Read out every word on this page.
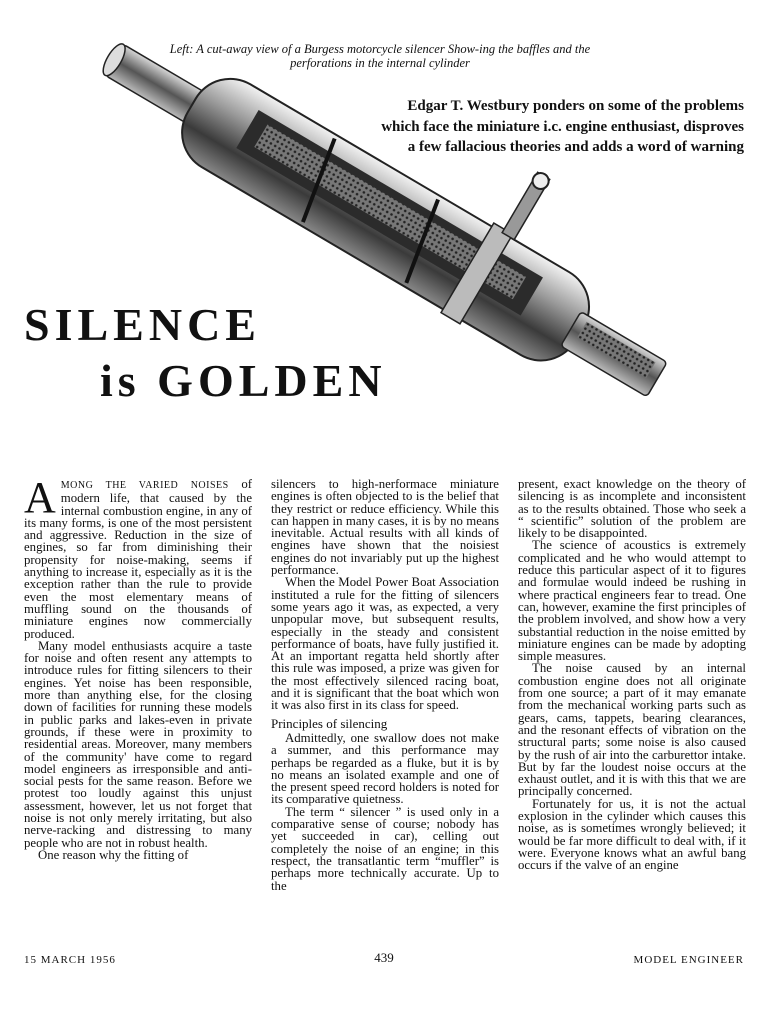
Left: A cut-away view of a Burgess motorcycle silencer Show-ing the baffles and the perforations in the internal cylinder
Edgar T. Westbury ponders on some of the problems
which face the miniature i.c. engine enthusiast, disproves
a few fallacious theories and adds a word of warning
SILENCE
is GOLDEN

AMONG THE VARIED NOISES of modern life, that caused by the internal combustion engine, in any of its many forms, is one of the most persistent and aggressive. Reduction in the size of engines, so far from diminishing their propensity for noise-making, seems if anything to increase it, especially as it is the exception rather than the rule to provide even the most elementary means of muffling sound on the thousands of miniature engines now commercially produced.

Many model enthusiasts acquire a taste for noise and often resent any attempts to introduce rules for fitting silencers to their engines. Yet noise has been responsible, more than anything else, for the closing down of facilities for running these models in public parks and lakes-even in private grounds, if these were in proximity to residential areas. Moreover, many members of the community' have come to regard model engineers as irresponsible and anti-social pests for the same reason. Before we protest too loudly against this unjust assessment, however, let us not forget that noise is not only merely irritating, but also nerve-racking and distressing to many people who are not in robust health.

One reason why the fitting of

silencers to high-nerformace miniature engines is often objected to is the belief that they restrict or reduce efficiency. While this can happen in many cases, it is by no means inevitable. Actual results with all kinds of engines have shown that the noisiest engines do not invariably put up the highest performance.

When the Model Power Boat Association instituted a rule for the fitting of silencers some years ago it was, as expected, a very unpopular move, but subsequent results, especially in the steady and consistent performance of boats, have fully justified it. At an important regatta held shortly after this rule was imposed, a prize was given for the most effectively silenced racing boat, and it is significant that the boat which won it was also first in its class for speed.

Principles of silencing

Admittedly, one swallow does not make a summer, and this performance may perhaps be regarded as a fluke, but it is by no means an isolated example and one of the present speed record holders is noted for its comparative quietness.

The term “ silencer ” is used only in a comparative sense of course; nobody has yet succeeded in car), celling out completely the noise of an engine; in this respect, the transatlantic term “muffler” is perhaps more technically accurate. Up to the

present, exact knowledge on the theory of silencing is as incomplete and inconsistent as to the results obtained. Those who seek a “ scientific” solution of the problem are likely to be disappointed.

The science of acoustics is extremely complicated and he who would attempt to reduce this particular aspect of it to figures and formulae would indeed be rushing in where practical engineers fear to tread. One can, however, examine the first principles of the problem involved, and show how a very substantial reduction in the noise emitted by miniature engines can be made by adopting simple measures.

The noise caused by an internal combustion engine does not all originate from one source; a part of it may emanate from the mechanical working parts such as gears, cams, tappets, bearing clearances, and the resonant effects of vibration on the structural parts; some noise is also caused by the rush of air into the carburettor intake. But by far the loudest noise occurs at the exhaust outlet, and it is with this that we are principally concerned.

Fortunately for us, it is not the actual explosion in the cylinder which causes this noise, as is sometimes wrongly believed; it would be far more difficult to deal with, if it were. Everyone knows what an awful bang occurs if the valve of an engine

15 MARCH 1956	439	MODEL ENGINEER
